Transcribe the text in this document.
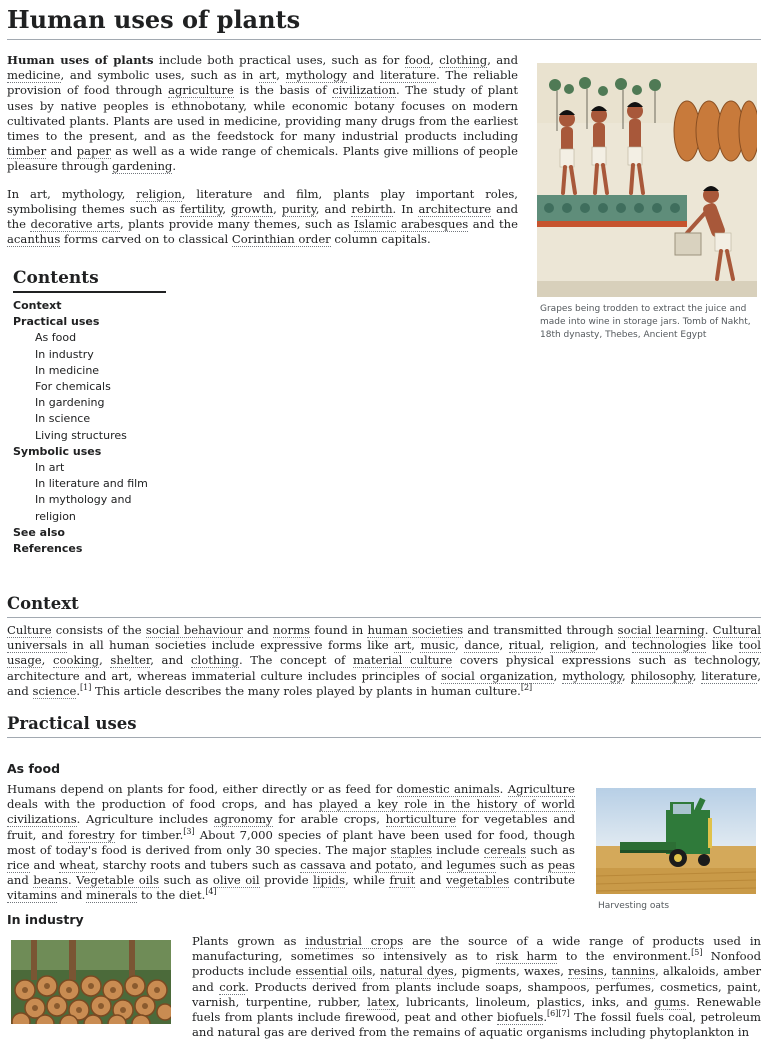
Human uses of plants

Human uses of plants include both practical uses, such as for food, clothing, and medicine, and symbolic uses, such as in art, mythology and literature. The reliable provision of food through agriculture is the basis of civilization. The study of plant uses by native peoples is ethnobotany, while economic botany focuses on modern cultivated plants. Plants are used in medicine, providing many drugs from the earliest times to the present, and as the feedstock for many industrial products including timber and paper as well as a wide range of chemicals. Plants give millions of people pleasure through gardening.

In art, mythology, religion, literature and film, plants play important roles, symbolising themes such as fertility, growth, purity, and rebirth. In architecture and the decorative arts, plants provide many themes, such as Islamic arabesques and the acanthus forms carved on to classical Corinthian order column capitals.

Grapes being trodden to extract the juice and made into wine in storage jars. Tomb of Nakht, 18th dynasty, Thebes, Ancient Egypt
Contents
Context
Practical uses
As food
In industry
In medicine
For chemicals
In gardening
In science
Living structures
Symbolic uses
In art
In literature and film
In mythology and religion
See also
References
Context

Culture consists of the social behaviour and norms found in human societies and transmitted through social learning. Cultural universals in all human societies include expressive forms like art, music, dance, ritual, religion, and technologies like tool usage, cooking, shelter, and clothing. The concept of material culture covers physical expressions such as technology, architecture and art, whereas immaterial culture includes principles of social organization, mythology, philosophy, literature, and science.[1] This article describes the many roles played by plants in human culture.[2]

Practical uses
As food

Humans depend on plants for food, either directly or as feed for domestic animals. Agriculture deals with the production of food crops, and has played a key role in the history of world civilizations. Agriculture includes agronomy for arable crops, horticulture for vegetables and fruit, and forestry for timber.[3] About 7,000 species of plant have been used for food, though most of today's food is derived from only 30 species. The major staples include cereals such as rice and wheat, starchy roots and tubers such as cassava and potato, and legumes such as peas and beans. Vegetable oils such as olive oil provide lipids, while fruit and vegetables contribute vitamins and minerals to the diet.[4]

Harvesting oats
In industry

Plants grown as industrial crops are the source of a wide range of products used in manufacturing, sometimes so intensively as to risk harm to the environment.[5] Nonfood products include essential oils, natural dyes, pigments, waxes, resins, tannins, alkaloids, amber and cork. Products derived from plants include soaps, shampoos, perfumes, cosmetics, paint, varnish, turpentine, rubber, latex, lubricants, linoleum, plastics, inks, and gums. Renewable fuels from plants include firewood, peat and other biofuels.[6][7] The fossil fuels coal, petroleum and natural gas are derived from the remains of aquatic organisms including phytoplankton in
